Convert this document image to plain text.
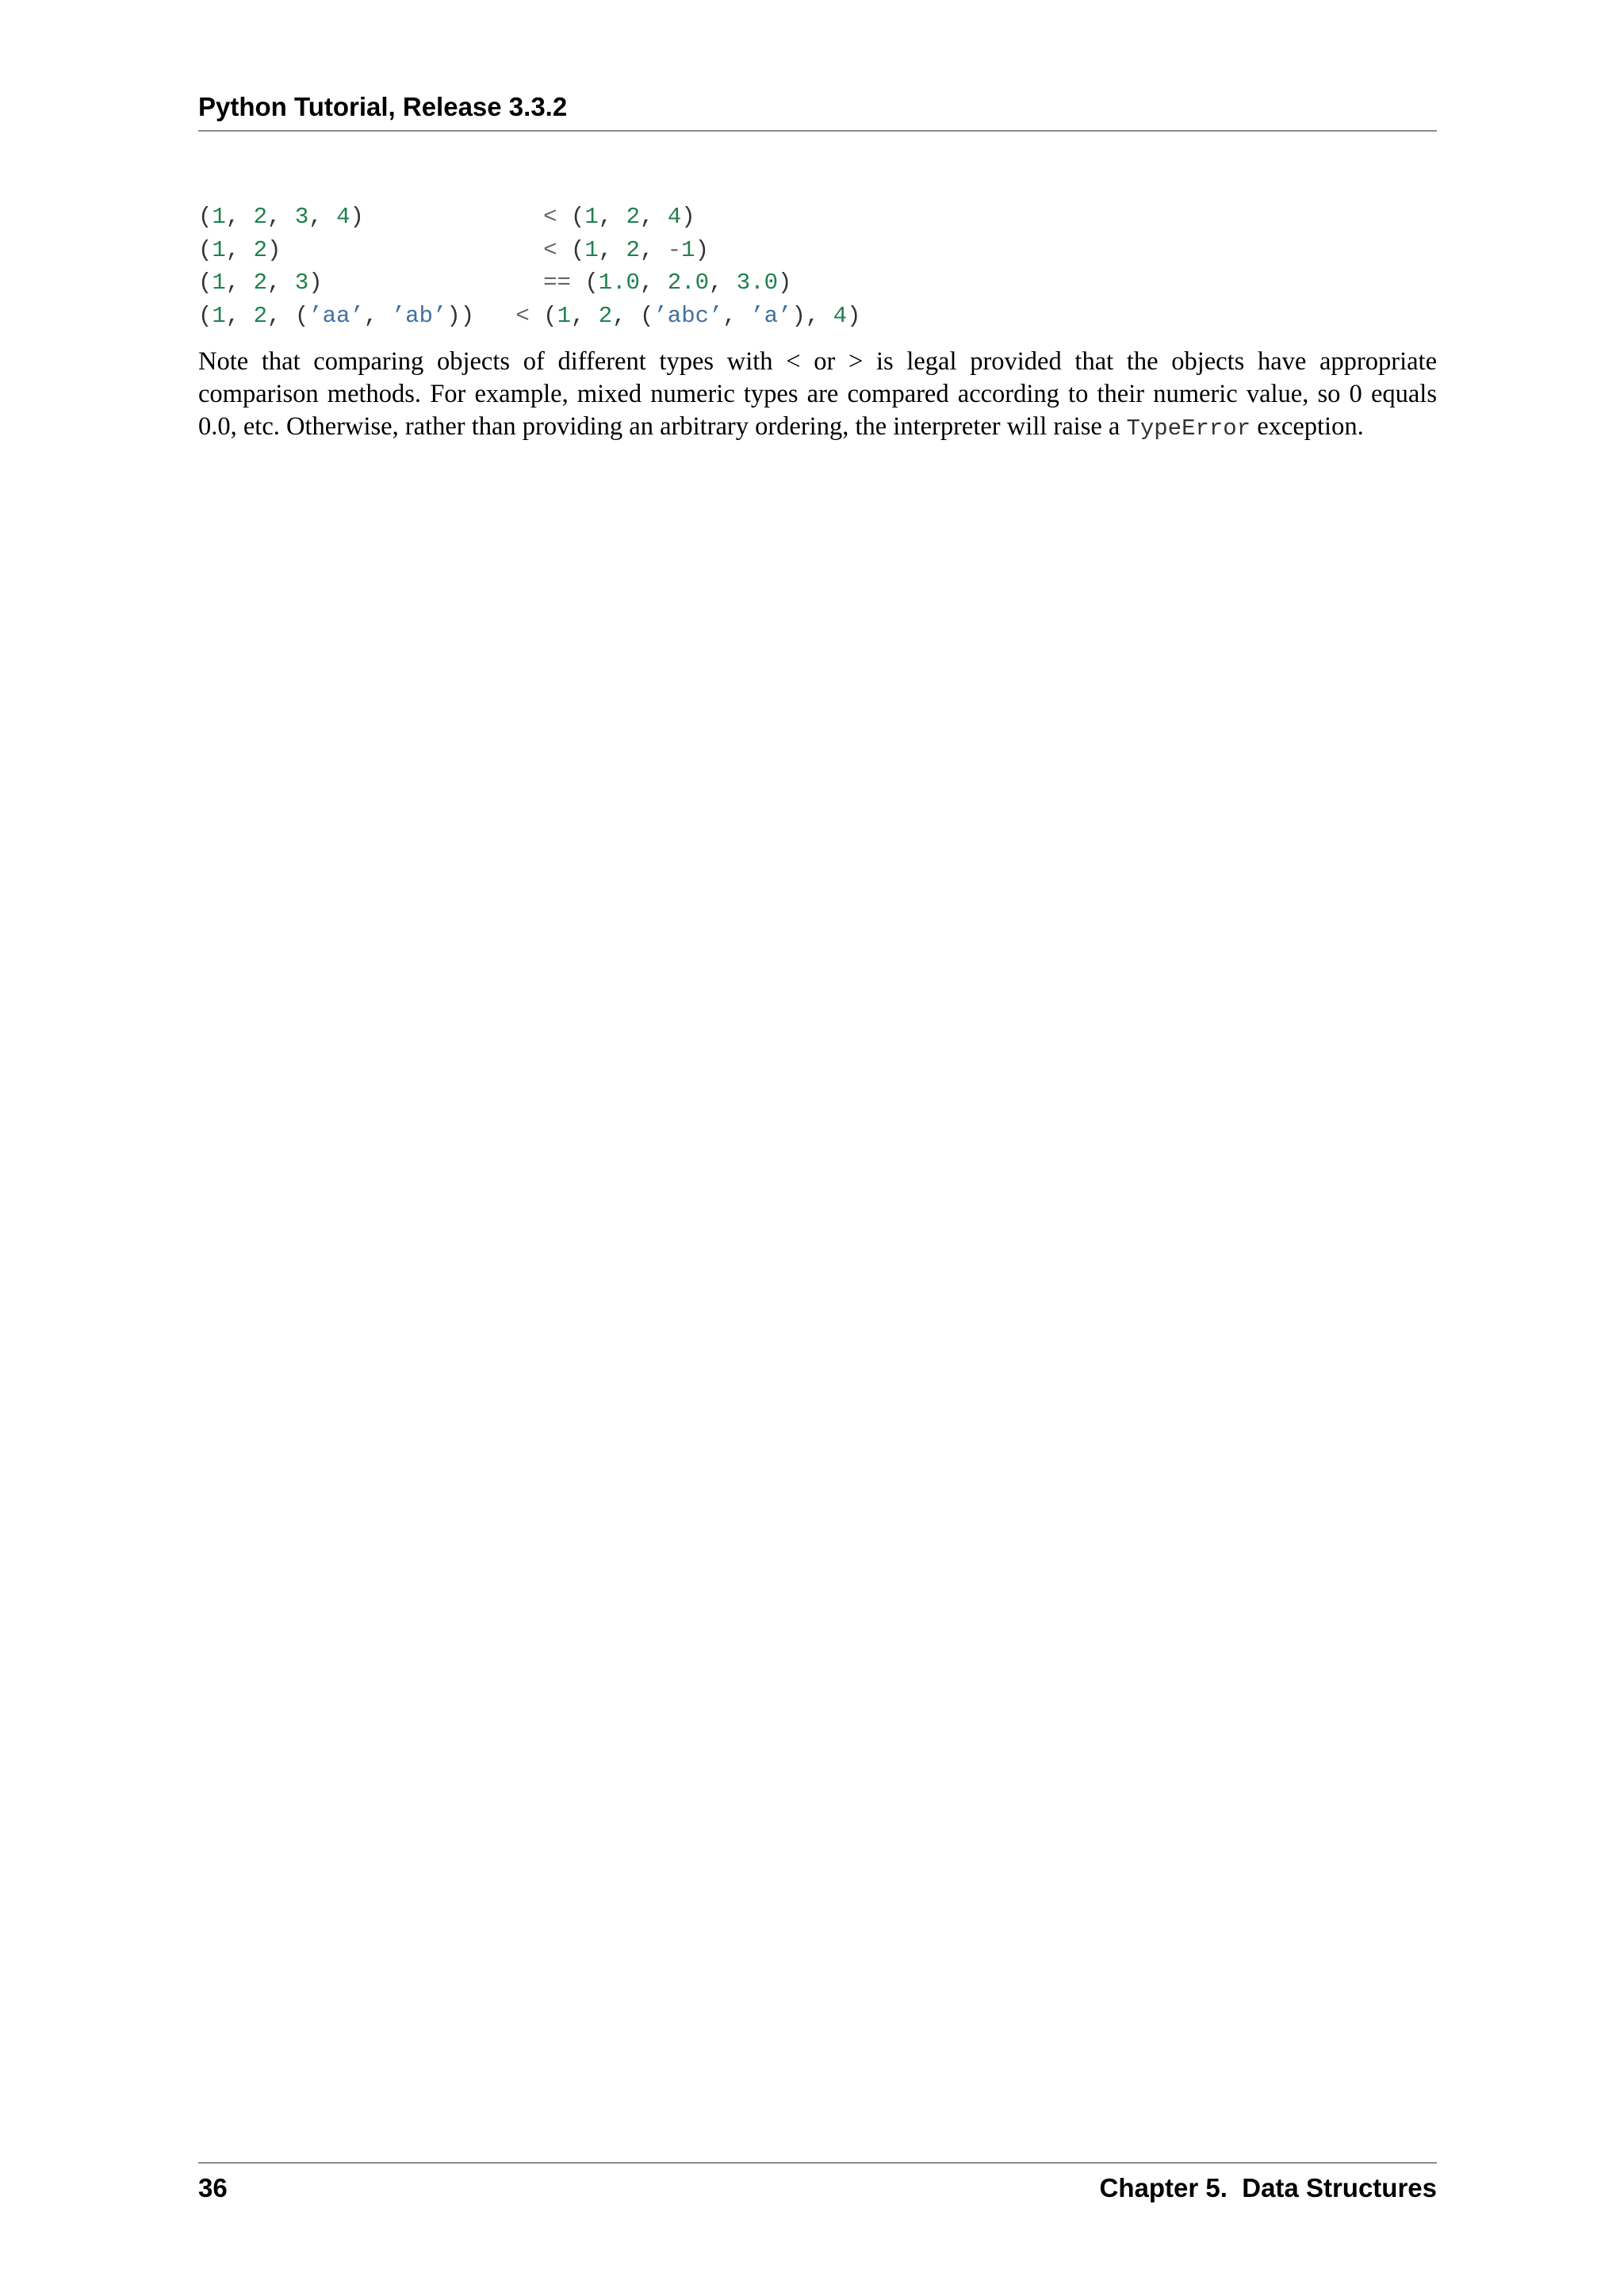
Python Tutorial, Release 3.3.2
(1, 2, 3, 4)	< (1, 2, 4)
(1, 2)	< (1, 2, -1)
(1, 2, 3)	== (1.0, 2.0, 3.0)
(1, 2, (’aa’, ’ab’)) < (1, 2, (’abc’, ’a’), 4)

Note that comparing objects of different types with < or > is legal provided that the objects have appropriate comparison methods. For example, mixed numeric types are compared according to their numeric value, so 0 equals 0.0, etc. Otherwise, rather than providing an arbitrary ordering, the interpreter will raise a TypeError exception.

36	Chapter 5.  Data Structures
